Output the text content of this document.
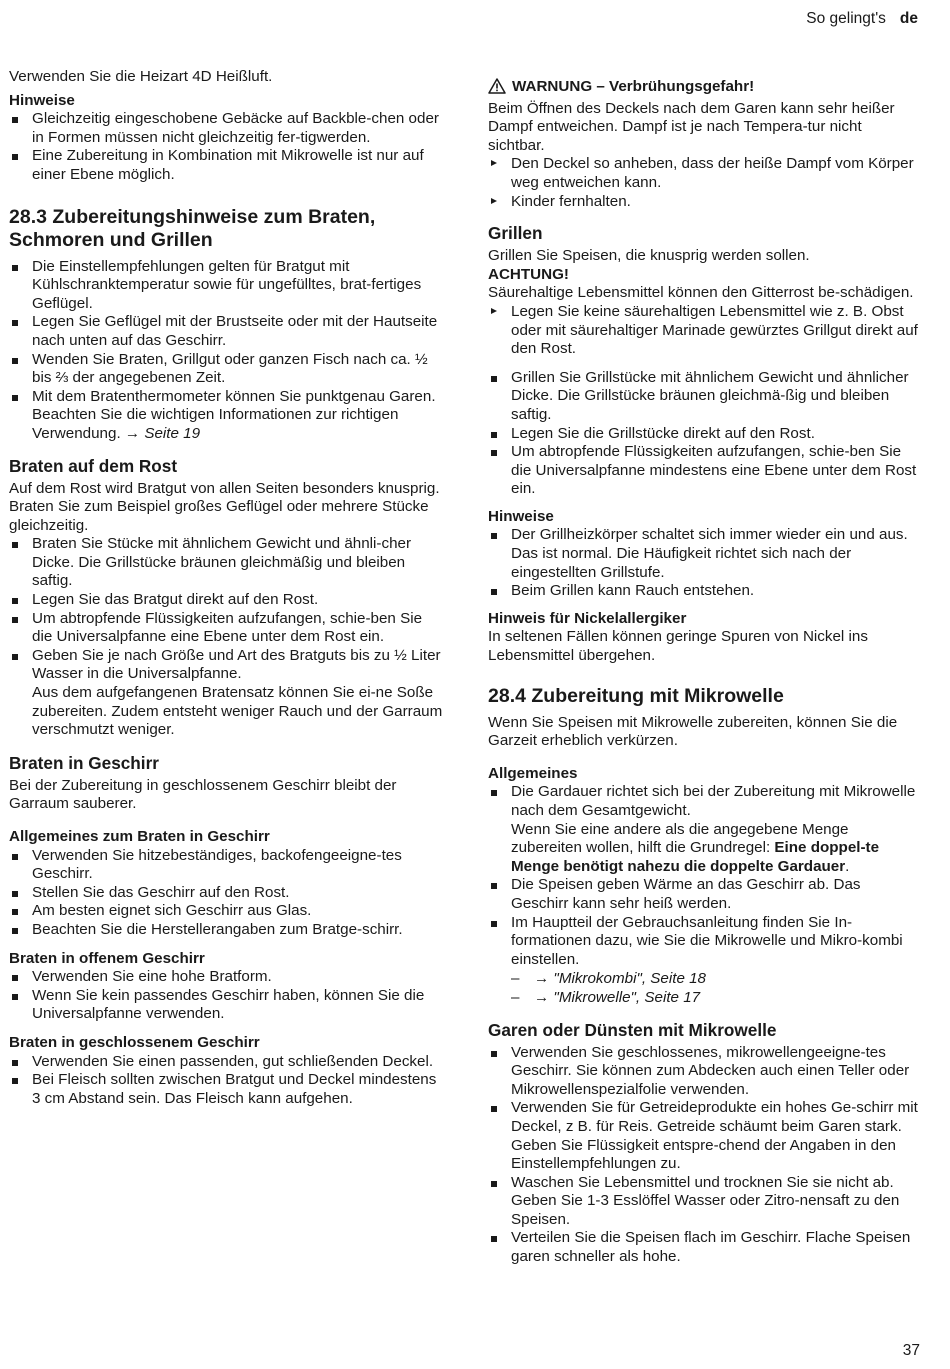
So gelingt's de

Verwenden Sie die Heizart 4D Heißluft.

Hinweise

Gleichzeitig eingeschobene Gebäcke auf Backble-chen oder in Formen müssen nicht gleichzeitig fer-tigwerden.
Eine Zubereitung in Kombination mit Mikrowelle ist nur auf einer Ebene möglich.

28.3 Zubereitungshinweise zum Braten, Schmoren und Grillen

Die Einstellempfehlungen gelten für Bratgut mit Kühlschranktemperatur sowie für ungefülltes, brat-fertiges Geflügel.
Legen Sie Geflügel mit der Brustseite oder mit der Hautseite nach unten auf das Geschirr.
Wenden Sie Braten, Grillgut oder ganzen Fisch nach ca. ½ bis ⅔ der angegebenen Zeit.
Mit dem Bratenthermometer können Sie punktgenau Garen. Beachten Sie die wichtigen Informationen zur richtigen Verwendung. → Seite 19

Braten auf dem Rost

Auf dem Rost wird Bratgut von allen Seiten besonders knusprig. Braten Sie zum Beispiel großes Geflügel oder mehrere Stücke gleichzeitig.

Braten Sie Stücke mit ähnlichem Gewicht und ähnli-cher Dicke. Die Grillstücke bräunen gleichmäßig und bleiben saftig.
Legen Sie das Bratgut direkt auf den Rost.
Um abtropfende Flüssigkeiten aufzufangen, schie-ben Sie die Universalpfanne eine Ebene unter dem Rost ein.
Geben Sie je nach Größe und Art des Bratguts bis zu ½ Liter Wasser in die Universalpfanne.
Aus dem aufgefangenen Bratensatz können Sie ei-ne Soße zubereiten. Zudem entsteht weniger Rauch und der Garraum verschmutzt weniger.

Braten in Geschirr

Bei der Zubereitung in geschlossenem Geschirr bleibt der Garraum sauberer.

Allgemeines zum Braten in Geschirr

Verwenden Sie hitzebeständiges, backofengeeigne-tes Geschirr.
Stellen Sie das Geschirr auf den Rost.
Am besten eignet sich Geschirr aus Glas.
Beachten Sie die Herstellerangaben zum Bratge-schirr.

Braten in offenem Geschirr

Verwenden Sie eine hohe Bratform.
Wenn Sie kein passendes Geschirr haben, können Sie die Universalpfanne verwenden.

Braten in geschlossenem Geschirr

Verwenden Sie einen passenden, gut schließenden Deckel.
Bei Fleisch sollten zwischen Bratgut und Deckel mindestens 3 cm Abstand sein. Das Fleisch kann aufgehen.

WARNUNG – Verbrühungsgefahr!

Beim Öffnen des Deckels nach dem Garen kann sehr heißer Dampf entweichen. Dampf ist je nach Tempera-tur nicht sichtbar.

Den Deckel so anheben, dass der heiße Dampf vom Körper weg entweichen kann.
Kinder fernhalten.

Grillen

Grillen Sie Speisen, die knusprig werden sollen.

ACHTUNG!

Säurehaltige Lebensmittel können den Gitterrost be-schädigen.

Legen Sie keine säurehaltigen Lebensmittel wie z. B. Obst oder mit säurehaltiger Marinade gewürztes Grillgut direkt auf den Rost.
Grillen Sie Grillstücke mit ähnlichem Gewicht und ähnlicher Dicke. Die Grillstücke bräunen gleichmä-ßig und bleiben saftig.
Legen Sie die Grillstücke direkt auf den Rost.
Um abtropfende Flüssigkeiten aufzufangen, schie-ben Sie die Universalpfanne mindestens eine Ebene unter dem Rost ein.

Hinweise

Der Grillheizkörper schaltet sich immer wieder ein und aus. Das ist normal. Die Häufigkeit richtet sich nach der eingestellten Grillstufe.
Beim Grillen kann Rauch entstehen.

Hinweis für Nickelallergiker

In seltenen Fällen können geringe Spuren von Nickel ins Lebensmittel übergehen.

28.4 Zubereitung mit Mikrowelle

Wenn Sie Speisen mit Mikrowelle zubereiten, können Sie die Garzeit erheblich verkürzen.

Allgemeines

Die Gardauer richtet sich bei der Zubereitung mit Mikrowelle nach dem Gesamtgewicht.
Wenn Sie eine andere als die angegebene Menge zubereiten wollen, hilft die Grundregel: Eine doppel-te Menge benötigt nahezu die doppelte Gardauer.
Die Speisen geben Wärme an das Geschirr ab. Das Geschirr kann sehr heiß werden.
Im Hauptteil der Gebrauchsanleitung finden Sie In-formationen dazu, wie Sie die Mikrowelle und Mikro-kombi einstellen.
– → "Mikrokombi", Seite 18
– → "Mikrowelle", Seite 17

Garen oder Dünsten mit Mikrowelle

Verwenden Sie geschlossenes, mikrowellengeeigne-tes Geschirr. Sie können zum Abdecken auch einen Teller oder Mikrowellenspezialfolie verwenden.
Verwenden Sie für Getreideprodukte ein hohes Ge-schirr mit Deckel, z B. für Reis. Getreide schäumt beim Garen stark. Geben Sie Flüssigkeit entspre-chend der Angaben in den Einstellempfehlungen zu.
Waschen Sie Lebensmittel und trocknen Sie sie nicht ab. Geben Sie 1-3 Esslöffel Wasser oder Zitro-nensaft zu den Speisen.
Verteilen Sie die Speisen flach im Geschirr. Flache Speisen garen schneller als hohe.
37
